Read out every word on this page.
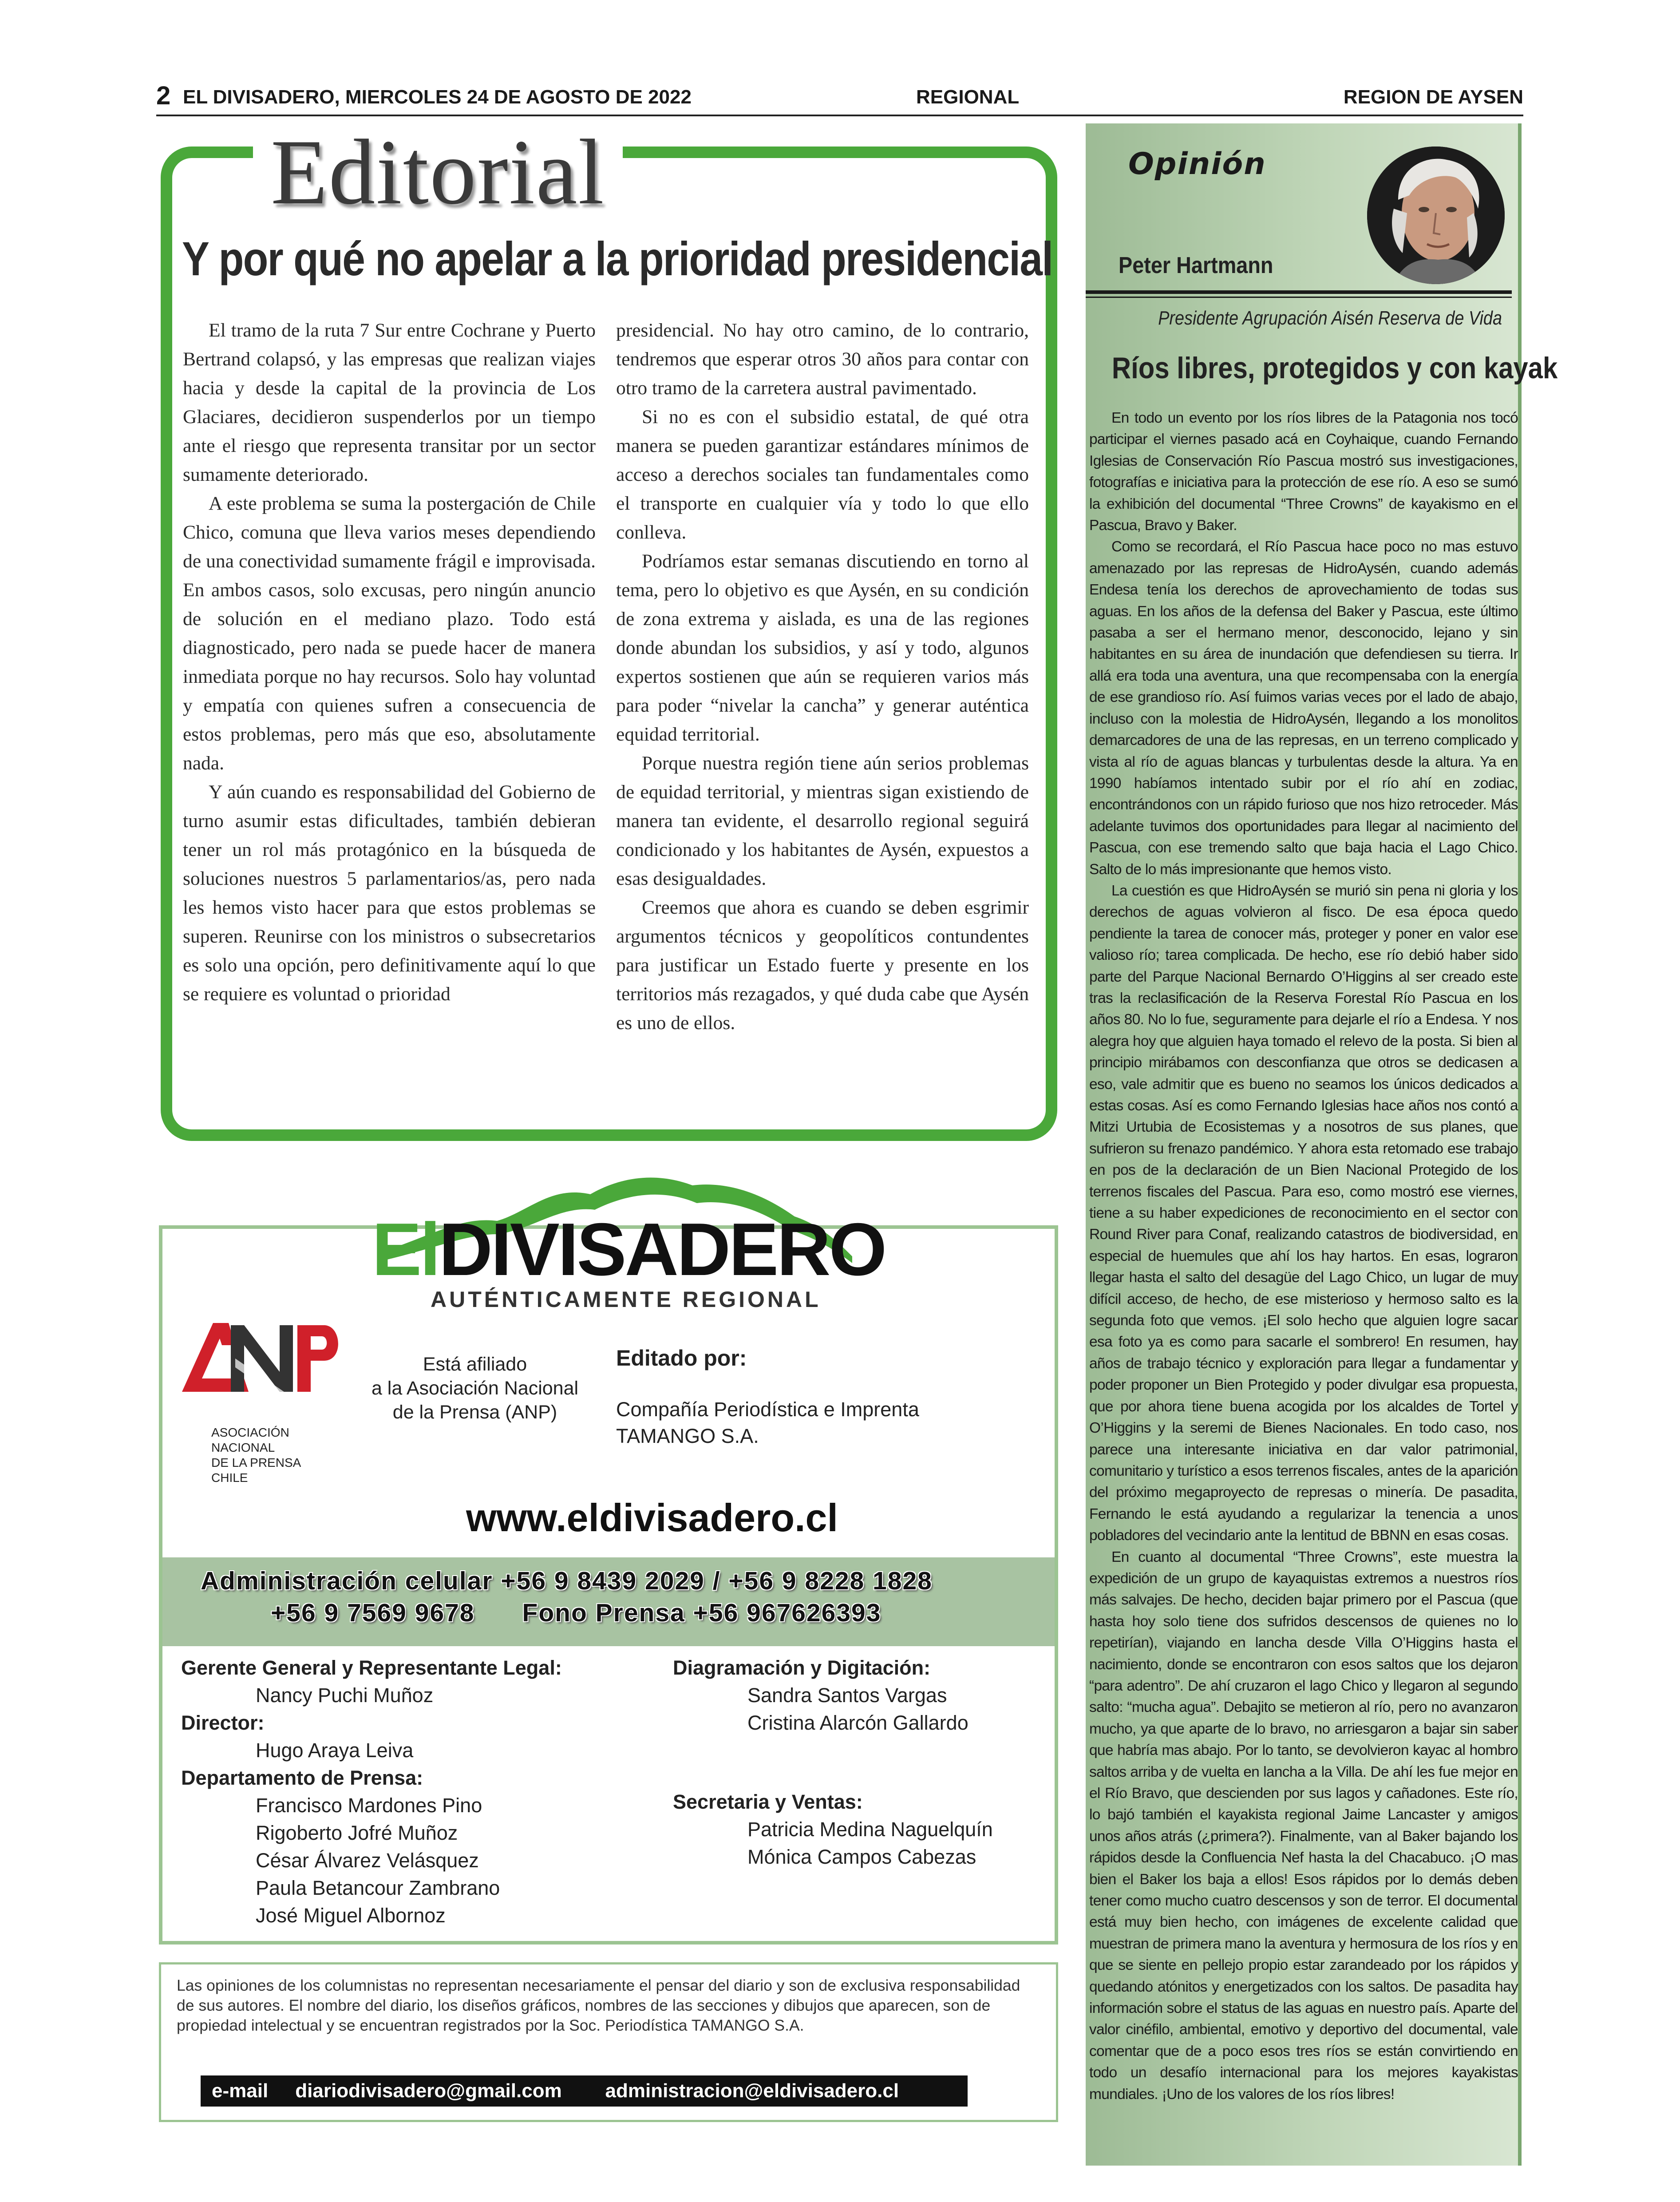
2 EL DIVISADERO, MIERCOLES 24 DE AGOSTO DE 2022	REGIONAL	REGION DE AYSEN
Editorial
Y por qué no apelar a la prioridad presidencial

El tramo de la ruta 7 Sur entre Cochrane y Puerto Bertrand colapsó, y las empresas que realizan viajes hacia y desde la capital de la provincia de Los Glaciares, decidieron suspenderlos por un tiempo ante el riesgo que representa transitar por un sector sumamente deteriorado.

A este problema se suma la postergación de Chile Chico, comuna que lleva varios meses dependiendo de una conectividad sumamente frágil e improvisada. En ambos casos, solo excusas, pero ningún anuncio de solución en el mediano plazo. Todo está diagnosticado, pero nada se puede hacer de manera inmediata porque no hay recursos. Solo hay voluntad y empatía con quienes sufren a consecuencia de estos problemas, pero más que eso, absolutamente nada.

Y aún cuando es responsabilidad del Gobierno de turno asumir estas dificultades, también debieran tener un rol más protagónico en la búsqueda de soluciones nuestros 5 parlamentarios/as, pero nada les hemos visto hacer para que estos problemas se superen. Reunirse con los ministros o subsecretarios es solo una opción, pero definitivamente aquí lo que se requiere es voluntad o prioridad

presidencial. No hay otro camino, de lo contrario, tendremos que esperar otros 30 años para contar con otro tramo de la carretera austral pavimentado.

Si no es con el subsidio estatal, de qué otra manera se pueden garantizar estándares mínimos de acceso a derechos sociales tan fundamentales como el transporte en cualquier vía y todo lo que ello conlleva.

Podríamos estar semanas discutiendo en torno al tema, pero lo objetivo es que Aysén, en su condición de zona extrema y aislada, es una de las regiones donde abundan los subsidios, y así y todo, algunos expertos sostienen que aún se requieren varios más para poder “nivelar la cancha” y generar auténtica equidad territorial.

Porque nuestra región tiene aún serios problemas de equidad territorial, y mientras sigan existiendo de manera tan evidente, el desarrollo regional seguirá condicionado y los habitantes de Aysén, expuestos a esas desigualdades.

Creemos que ahora es cuando se deben esgrimir argumentos técnicos y geopolíticos contundentes para justificar un Estado fuerte y presente en los territorios más rezagados, y qué duda cabe que Aysén es uno de ellos.

ElDIVISADERO
AUTÉNTICAMENTE REGIONAL
ANP
ASOCIACIÓN
NACIONAL
DE LA PRENSA
CHILE
Está afiliado
a la Asociación Nacional
de la Prensa (ANP)
Editado por:
Compañía Periodística e Imprenta
TAMANGO S.A.
www.eldivisadero.cl
Administración celular +56 9 8439 2029 / +56 9 8228 1828
+56 9 7569 9678      Fono Prensa +56 967626393
Gerente General y Representante Legal:
Nancy Puchi Muñoz
Director:
Hugo Araya Leiva
Departamento de Prensa:
Francisco Mardones Pino
Rigoberto Jofré Muñoz
César Álvarez Velásquez
Paula Betancour Zambrano
José Miguel Albornoz
Diagramación y Digitación:
Sandra Santos Vargas
Cristina Alarcón Gallardo
Secretaria y Ventas:
Patricia Medina Naguelquín
Mónica Campos Cabezas
Las opiniones de los columnistas no representan necesariamente el pensar del diario y son de exclusiva responsabilidad de sus autores. El nombre del diario, los diseños gráficos, nombres de las secciones y dibujos que aparecen, son de propiedad intelectual y se encuentran registrados por la Soc. Periodística TAMANGO S.A.
e-mail diariodivisadero@gmail.com administracion@eldivisadero.cl
Opinión
Peter Hartmann
Presidente Agrupación Aisén Reserva de Vida
Ríos libres, protegidos y con kayak

En todo un evento por los ríos libres de la Patagonia nos tocó participar el viernes pasado acá en Coyhaique, cuando Fernando Iglesias de Conservación Río Pascua mostró sus investigaciones, fotografías e iniciativa para la protección de ese río. A eso se sumó la exhibición del documental “Three Crowns” de kayakismo en el Pascua, Bravo y Baker.

Como se recordará, el Río Pascua hace poco no mas estuvo amenazado por las represas de HidroAysén, cuando además Endesa tenía los derechos de aprovechamiento de todas sus aguas. En los años de la defensa del Baker y Pascua, este último pasaba a ser el hermano menor, desconocido, lejano y sin habitantes en su área de inundación que defendiesen su tierra. Ir allá era toda una aventura, una que recompensaba con la energía de ese grandioso río. Así fuimos varias veces por el lado de abajo, incluso con la molestia de HidroAysén, llegando a los monolitos demarcadores de una de las represas, en un terreno complicado y vista al río de aguas blancas y turbulentas desde la altura. Ya en 1990 habíamos intentado subir por el río ahí en zodiac, encontrándonos con un rápido furioso que nos hizo retroceder. Más adelante tuvimos dos oportunidades para llegar al nacimiento del Pascua, con ese tremendo salto que baja hacia el Lago Chico. Salto de lo más impresionante que hemos visto.

La cuestión es que HidroAysén se murió sin pena ni gloria y los derechos de aguas volvieron al fisco. De esa época quedo pendiente la tarea de conocer más, proteger y poner en valor ese valioso río; tarea complicada. De hecho, ese río debió haber sido parte del Parque Nacional Bernardo O’Higgins al ser creado este tras la reclasificación de la Reserva Forestal Río Pascua en los años 80. No lo fue, seguramente para dejarle el río a Endesa. Y nos alegra hoy que alguien haya tomado el relevo de la posta. Si bien al principio mirábamos con desconfianza que otros se dedicasen a eso, vale admitir que es bueno no seamos los únicos dedicados a estas cosas. Así es como Fernando Iglesias hace años nos contó a Mitzi Urtubia de Ecosistemas y a nosotros de sus planes, que sufrieron su frenazo pandémico. Y ahora esta retomado ese trabajo en pos de la declaración de un Bien Nacional Protegido de los terrenos fiscales del Pascua. Para eso, como mostró ese viernes, tiene a su haber expediciones de reconocimiento en el sector con Round River para Conaf, realizando catastros de biodiversidad, en especial de huemules que ahí los hay hartos. En esas, lograron llegar hasta el salto del desagüe del Lago Chico, un lugar de muy difícil acceso, de hecho, de ese misterioso y hermoso salto es la segunda foto que vemos. ¡El solo hecho que alguien logre sacar esa foto ya es como para sacarle el sombrero! En resumen, hay años de trabajo técnico y exploración para llegar a fundamentar y poder proponer un Bien Protegido y poder divulgar esa propuesta, que por ahora tiene buena acogida por los alcaldes de Tortel y O’Higgins y la seremi de Bienes Nacionales. En todo caso, nos parece una interesante iniciativa en dar valor patrimonial, comunitario y turístico a esos terrenos fiscales, antes de la aparición del próximo megaproyecto de represas o minería. De pasadita, Fernando le está ayudando a regularizar la tenencia a unos pobladores del vecindario ante la lentitud de BBNN en esas cosas.

En cuanto al documental “Three Crowns”, este muestra la expedición de un grupo de kayaquistas extremos a nuestros ríos más salvajes. De hecho, deciden bajar primero por el Pascua (que hasta hoy solo tiene dos sufridos descensos de quienes no lo repetirían), viajando en lancha desde Villa O’Higgins hasta el nacimiento, donde se encontraron con esos saltos que los dejaron “para adentro”. De ahí cruzaron el lago Chico y llegaron al segundo salto: “mucha agua”. Debajito se metieron al río, pero no avanzaron mucho, ya que aparte de lo bravo, no arriesgaron a bajar sin saber que habría mas abajo. Por lo tanto, se devolvieron kayac al hombro saltos arriba y de vuelta en lancha a la Villa. De ahí les fue mejor en el Río Bravo, que descienden por sus lagos y cañadones. Este río, lo bajó también el kayakista regional Jaime Lancaster y amigos unos años atrás (¿primera?). Finalmente, van al Baker bajando los rápidos desde la Confluencia Nef hasta la del Chacabuco. ¡O mas bien el Baker los baja a ellos! Esos rápidos por lo demás deben tener como mucho cuatro descensos y son de terror. El documental está muy bien hecho, con imágenes de excelente calidad que muestran de primera mano la aventura y hermosura de los ríos y en que se siente en pellejo propio estar zarandeado por los rápidos y quedando atónitos y energetizados con los saltos. De pasadita hay información sobre el status de las aguas en nuestro país. Aparte del valor cinéfilo, ambiental, emotivo y deportivo del documental, vale comentar que de a poco esos tres ríos se están convirtiendo en todo un desafío internacional para los mejores kayakistas mundiales. ¡Uno de los valores de los ríos libres!
